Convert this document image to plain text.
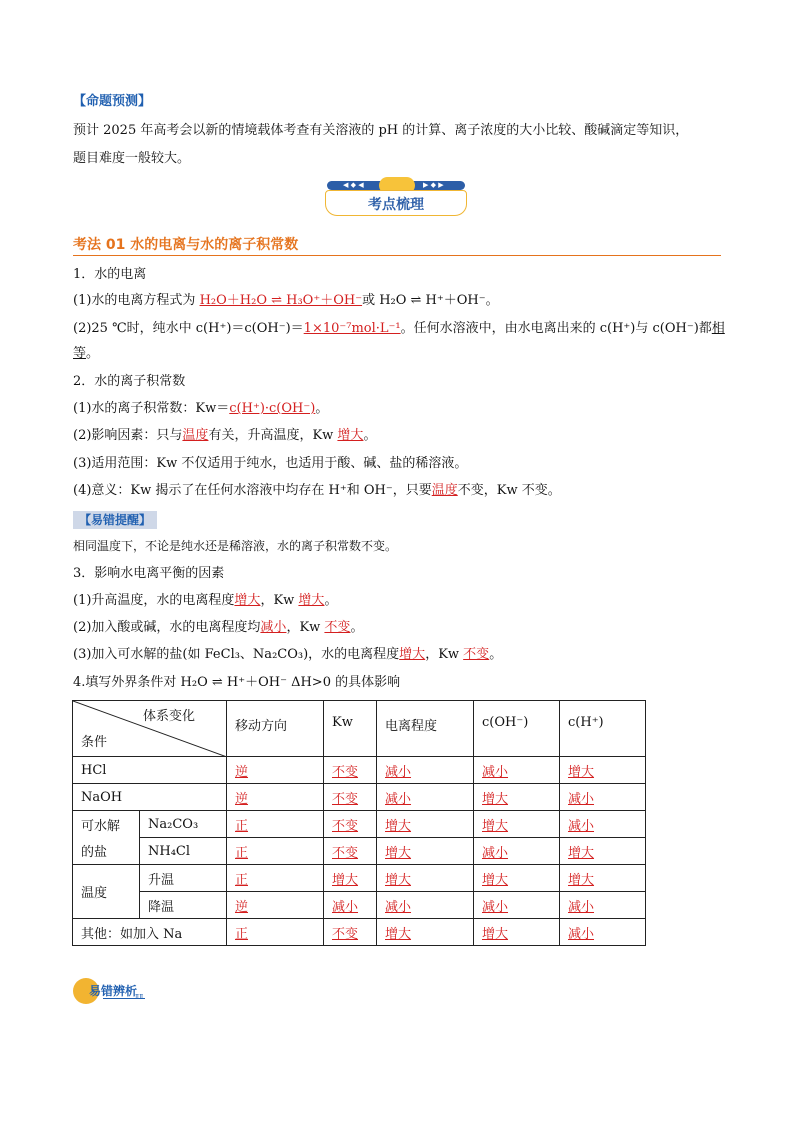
【命题预测】
预计 2025 年高考会以新的情境载体考查有关溶液的 pH 的计算、离子浓度的大小比较、酸碱滴定等知识，
题目难度一般较大。
◀ ◆ ◀	▶ ◆ ▶
考点梳理
考法 01 水的电离与水的离子积常数
1．水的电离
(1)水的电离方程式为 H₂O＋H₂O ⇌ H₃O⁺＋OH⁻或 H₂O ⇌ H⁺＋OH⁻。
(2)25 ℃时，纯水中 c(H⁺)＝c(OH⁻)＝1×10⁻⁷mol·L⁻¹。任何水溶液中，由水电离出来的 c(H⁺)与 c(OH⁻)都相
等。
2．水的离子积常数
(1)水的离子积常数：Kw＝c(H⁺)·c(OH⁻)。
(2)影响因素：只与温度有关，升高温度，Kw 增大。
(3)适用范围：Kw 不仅适用于纯水，也适用于酸、碱、盐的稀溶液。
(4)意义：Kw 揭示了在任何水溶液中均存在 H⁺和 OH⁻，只要温度不变，Kw 不变。
【易错提醒】
相同温度下，不论是纯水还是稀溶液，水的离子积常数不变。
3．影响水电离平衡的因素
(1)升高温度，水的电离程度增大，Kw 增大。
(2)加入酸或碱，水的电离程度均减小，Kw 不变。
(3)加入可水解的盐(如 FeCl₃、Na₂CO₃)，水的电离程度增大，Kw 不变。
4.填写外界条件对 H₂O ⇌ H⁺＋OH⁻ ΔH>0 的具体影响
体系变化
条件		移动方向	Kw	电离程度	c(OH⁻)	c(H⁺)
HCl		逆	不变	减小	减小	增大
NaOH		逆	不变	减小	增大	减小
可水解	Na₂CO₃	正	不变	增大	增大	减小
的盐	NH₄Cl	正	不变	增大	减小	增大
温度	升温	正	增大	增大	增大	增大
	降温	逆	减小	减小	减小	减小
其他：如加入 Na		正	不变	增大	增大	减小
易错辨析
ⅡⅡ
